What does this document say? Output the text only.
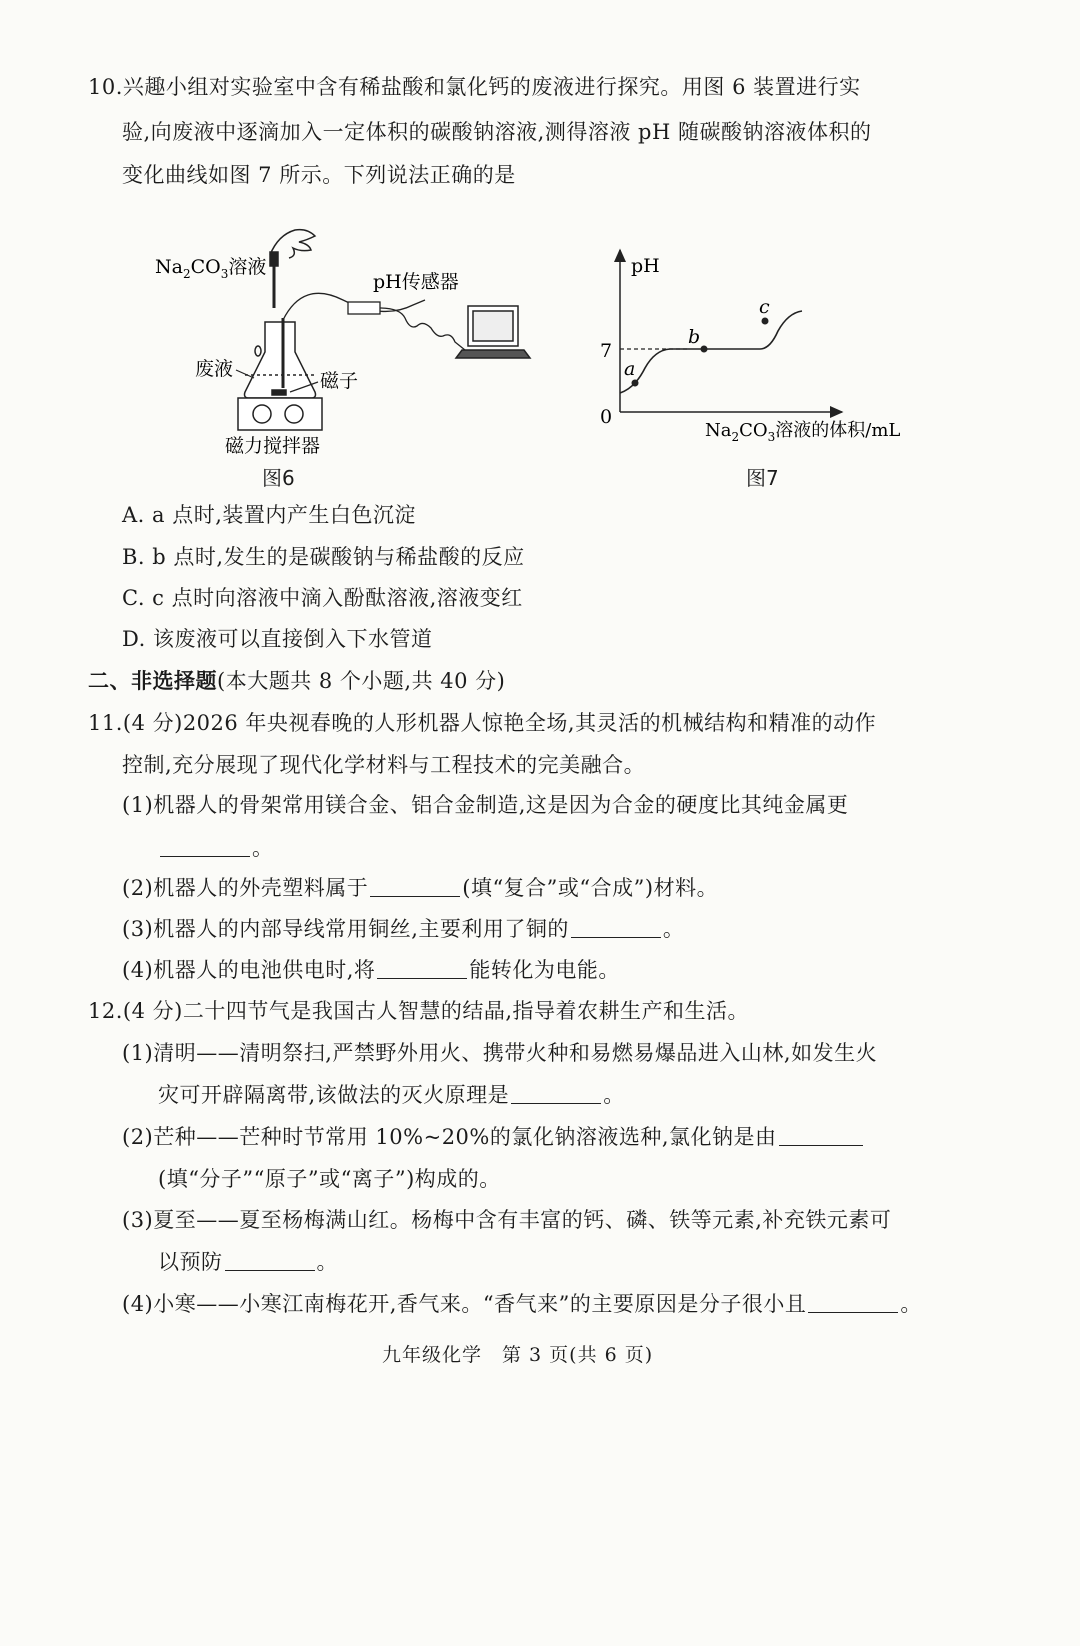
10.兴趣小组对实验室中含有稀盐酸和氯化钙的废液进行探究。用图 6 装置进行实
验,向废液中逐滴加入一定体积的碳酸钠溶液,测得溶液 pH 随碳酸钠溶液体积的
变化曲线如图 7 所示。下列说法正确的是
$Na_2CO_3$溶液
pH传感器
废液
磁子
磁力搅拌器
图6
pH
7
0
a
b
c
$Na_2CO_3$溶液的体积/mL
图7
A. a 点时,装置内产生白色沉淀
B. b 点时,发生的是碳酸钠与稀盐酸的反应
C. c 点时向溶液中滴入酚酞溶液,溶液变红
D. 该废液可以直接倒入下水管道
二、非选择题(本大题共 8 个小题,共 40 分)
11.(4 分)2026 年央视春晚的人形机器人惊艳全场,其灵活的机械结构和精准的动作
控制,充分展现了现代化学材料与工程技术的完美融合。
(1)机器人的骨架常用镁合金、铝合金制造,这是因为合金的硬度比其纯金属更
。
(2)机器人的外壳塑料属于	(填“复合”或“合成”)材料。
(3)机器人的内部导线常用铜丝,主要利用了铜的	。
(4)机器人的电池供电时,将	能转化为电能。
12.(4 分)二十四节气是我国古人智慧的结晶,指导着农耕生产和生活。
(1)清明——清明祭扫,严禁野外用火、携带火种和易燃易爆品进入山林,如发生火
灾可开辟隔离带,该做法的灭火原理是	。
(2)芒种——芒种时节常用 10%~20%的氯化钠溶液选种,氯化钠是由
(填“分子”“原子”或“离子”)构成的。
(3)夏至——夏至杨梅满山红。杨梅中含有丰富的钙、磷、铁等元素,补充铁元素可
以预防	。
(4)小寒——小寒江南梅花开,香气来。“香气来”的主要原因是分子很小且	。
九年级化学　第 3 页(共 6 页)
